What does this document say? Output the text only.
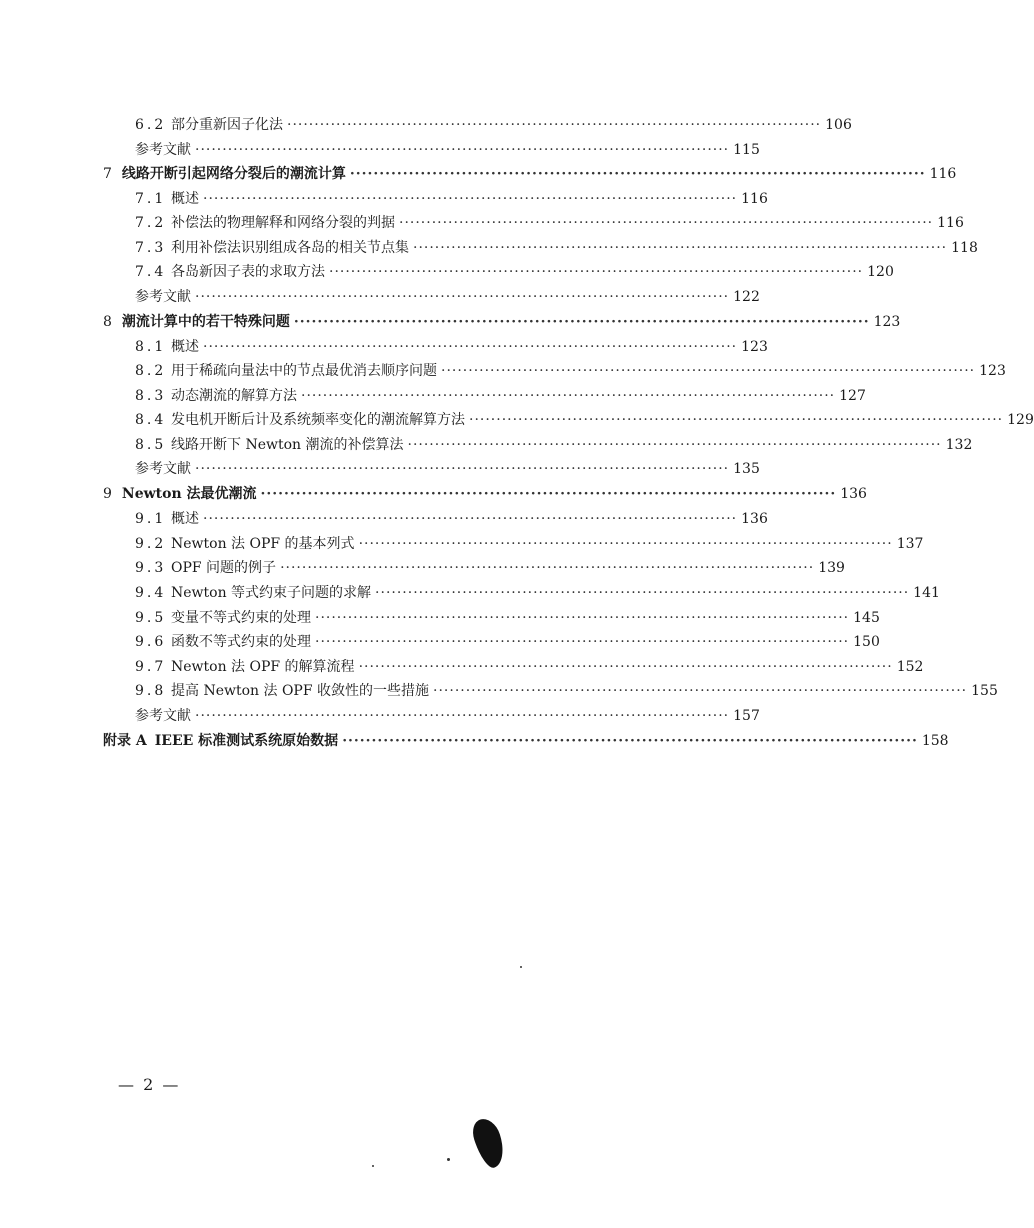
6.2 部分重新因子化法 ·································································································· 106
参考文献 ·································································································· 115
7 线路开断引起网络分裂后的潮流计算 ·································································································· 116
7.1 概述 ·································································································· 116
7.2 补偿法的物理解释和网络分裂的判据 ·································································································· 116
7.3 利用补偿法识别组成各岛的相关节点集 ·································································································· 118
7.4 各岛新因子表的求取方法 ·································································································· 120
参考文献 ·································································································· 122
8 潮流计算中的若干特殊问题 ·································································································· 123
8.1 概述 ·································································································· 123
8.2 用于稀疏向量法中的节点最优消去顺序问题 ·································································································· 123
8.3 动态潮流的解算方法 ·································································································· 127
8.4 发电机开断后计及系统频率变化的潮流解算方法 ·································································································· 129
8.5 线路开断下 Newton 潮流的补偿算法 ·································································································· 132
参考文献 ·································································································· 135
9 Newton 法最优潮流 ·································································································· 136
9.1 概述 ·································································································· 136
9.2 Newton 法 OPF 的基本列式 ·································································································· 137
9.3 OPF 问题的例子 ·································································································· 139
9.4 Newton 等式约束子问题的求解 ·································································································· 141
9.5 变量不等式约束的处理 ·································································································· 145
9.6 函数不等式约束的处理 ·································································································· 150
9.7 Newton 法 OPF 的解算流程 ·································································································· 152
9.8 提高 Newton 法 OPF 收敛性的一些措施 ·································································································· 155
参考文献 ·································································································· 157
附录 A IEEE 标准测试系统原始数据 ·································································································· 158
— 2 —
